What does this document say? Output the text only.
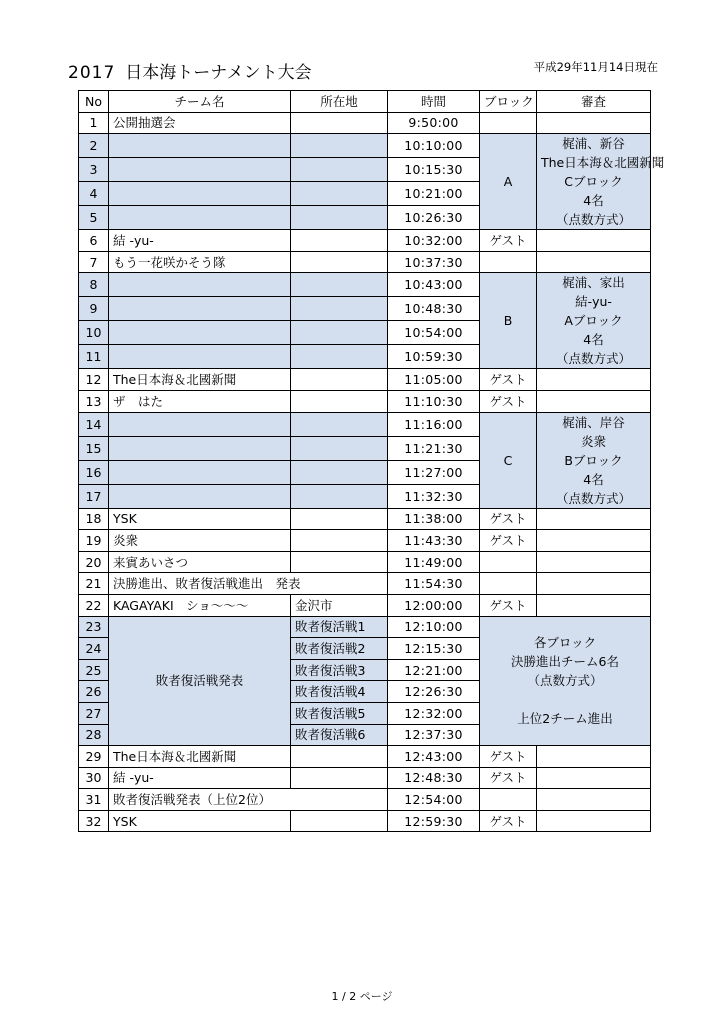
2017 日本海トーナメント大会	平成29年11月14日現在
No	チーム名	所在地	時間	ブロック	審査
1	公開抽選会		9:50:00		
2			10:10:00	A	梶浦、新谷
The日本海＆北國新聞
Cブロック
4名
（点数方式）

3			10:15:30		
4			10:21:00		
5			10:26:30		
6	結 -yu-		10:32:00	ゲスト	
7	もう一花咲かそう隊		10:37:30		
8			10:43:00	B	梶浦、家出
結-yu-
Aブロック
4名
（点数方式）

9			10:48:30		
10			10:54:00		
11			10:59:30		
12	The日本海＆北國新聞		11:05:00	ゲスト	
13	ザ　はた		11:10:30	ゲスト	
14			11:16:00	C	梶浦、岸谷
炎衆
Bブロック
4名
（点数方式）

15			11:21:30		
16			11:27:00		
17			11:32:30		
18	YSK		11:38:00	ゲスト	
19	炎衆		11:43:30	ゲスト	
20	来賓あいさつ		11:49:00		
21	決勝進出、敗者復活戦進出　発表		11:54:30		
22	KAGAYAKI　ショ～～～	金沢市	12:00:00	ゲスト	
23	敗者復活戦発表	敗者復活戦1	12:10:00	各ブロック
決勝進出チーム6名
（点数方式）

上位2チーム進出	

24		敗者復活戦2	12:15:30		
25		敗者復活戦3	12:21:00		
26		敗者復活戦4	12:26:30		
27		敗者復活戦5	12:32:00		
28		敗者復活戦6	12:37:30		
29	The日本海＆北國新聞		12:43:00	ゲスト	
30	結 -yu-		12:48:30	ゲスト	
31	敗者復活戦発表（上位2位）		12:54:00		
32	YSK		12:59:30	ゲスト	
1 / 2 ページ
